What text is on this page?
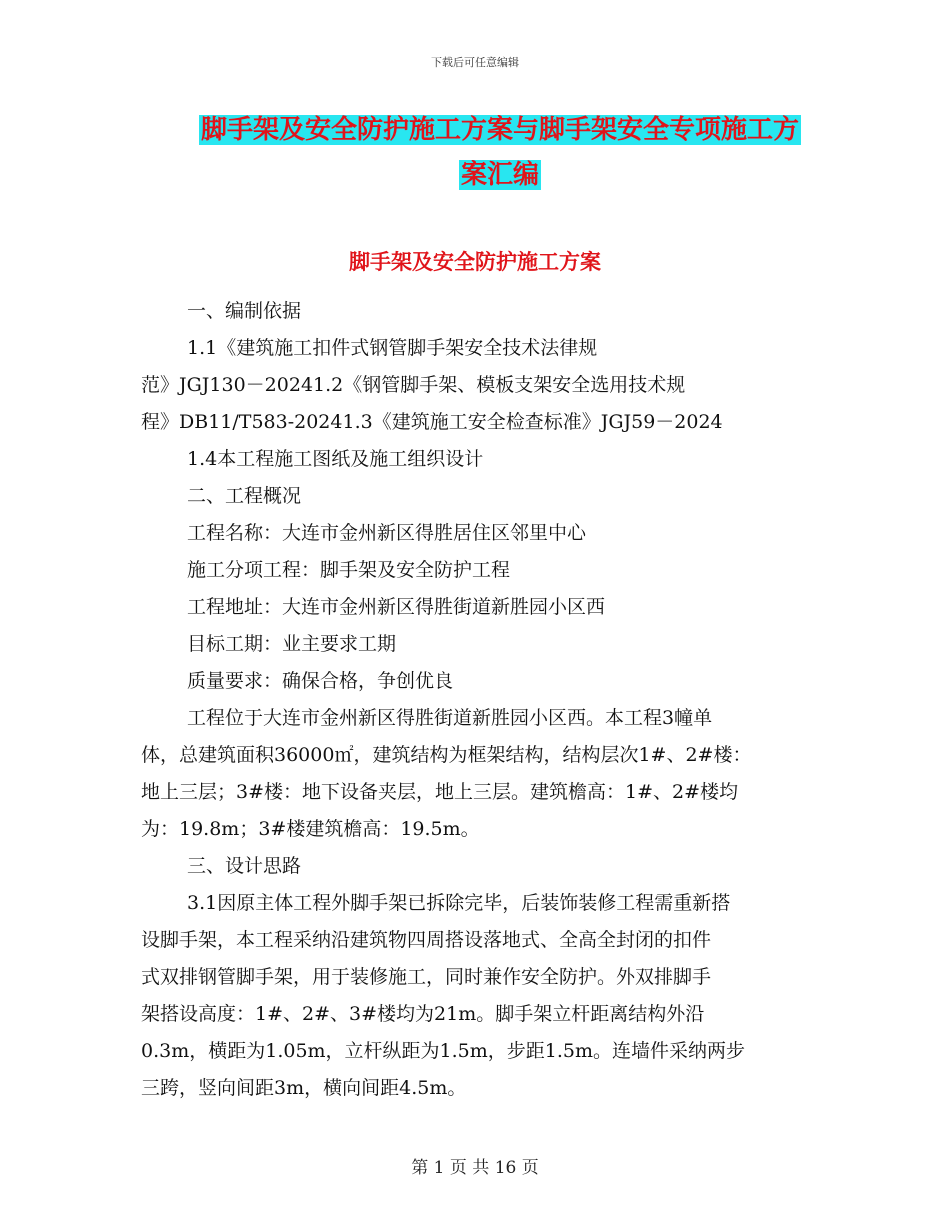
下载后可任意编辑
脚手架及安全防护施工方案与脚手架安全专项施工方
案汇编
脚手架及安全防护施工方案
一、编制依据
1.1《建筑施工扣件式钢管脚手架安全技术法律规
范》JGJ130－20241.2《钢管脚手架、模板支架安全选用技术规
程》DB11/T583-20241.3《建筑施工安全检查标准》JGJ59－2024
1.4本工程施工图纸及施工组织设计
二、工程概况
工程名称：大连市金州新区得胜居住区邻里中心
施工分项工程：脚手架及安全防护工程
工程地址：大连市金州新区得胜街道新胜园小区西
目标工期：业主要求工期
质量要求：确保合格，争创优良
工程位于大连市金州新区得胜街道新胜园小区西。本工程3幢单
体，总建筑面积36000㎡，建筑结构为框架结构，结构层次1#、2#楼：
地上三层；3#楼：地下设备夹层，地上三层。建筑檐高：1#、2#楼均
为：19.8m；3#楼建筑檐高：19.5m。
三、设计思路
3.1因原主体工程外脚手架已拆除完毕，后装饰装修工程需重新搭
设脚手架，本工程采纳沿建筑物四周搭设落地式、全高全封闭的扣件
式双排钢管脚手架，用于装修施工，同时兼作安全防护。外双排脚手
架搭设高度：1#、2#、3#楼均为21m。脚手架立杆距离结构外沿
0.3m，横距为1.05m，立杆纵距为1.5m，步距1.5m。连墙件采纳两步
三跨，竖向间距3m，横向间距4.5m。
第 1 页 共 16 页
